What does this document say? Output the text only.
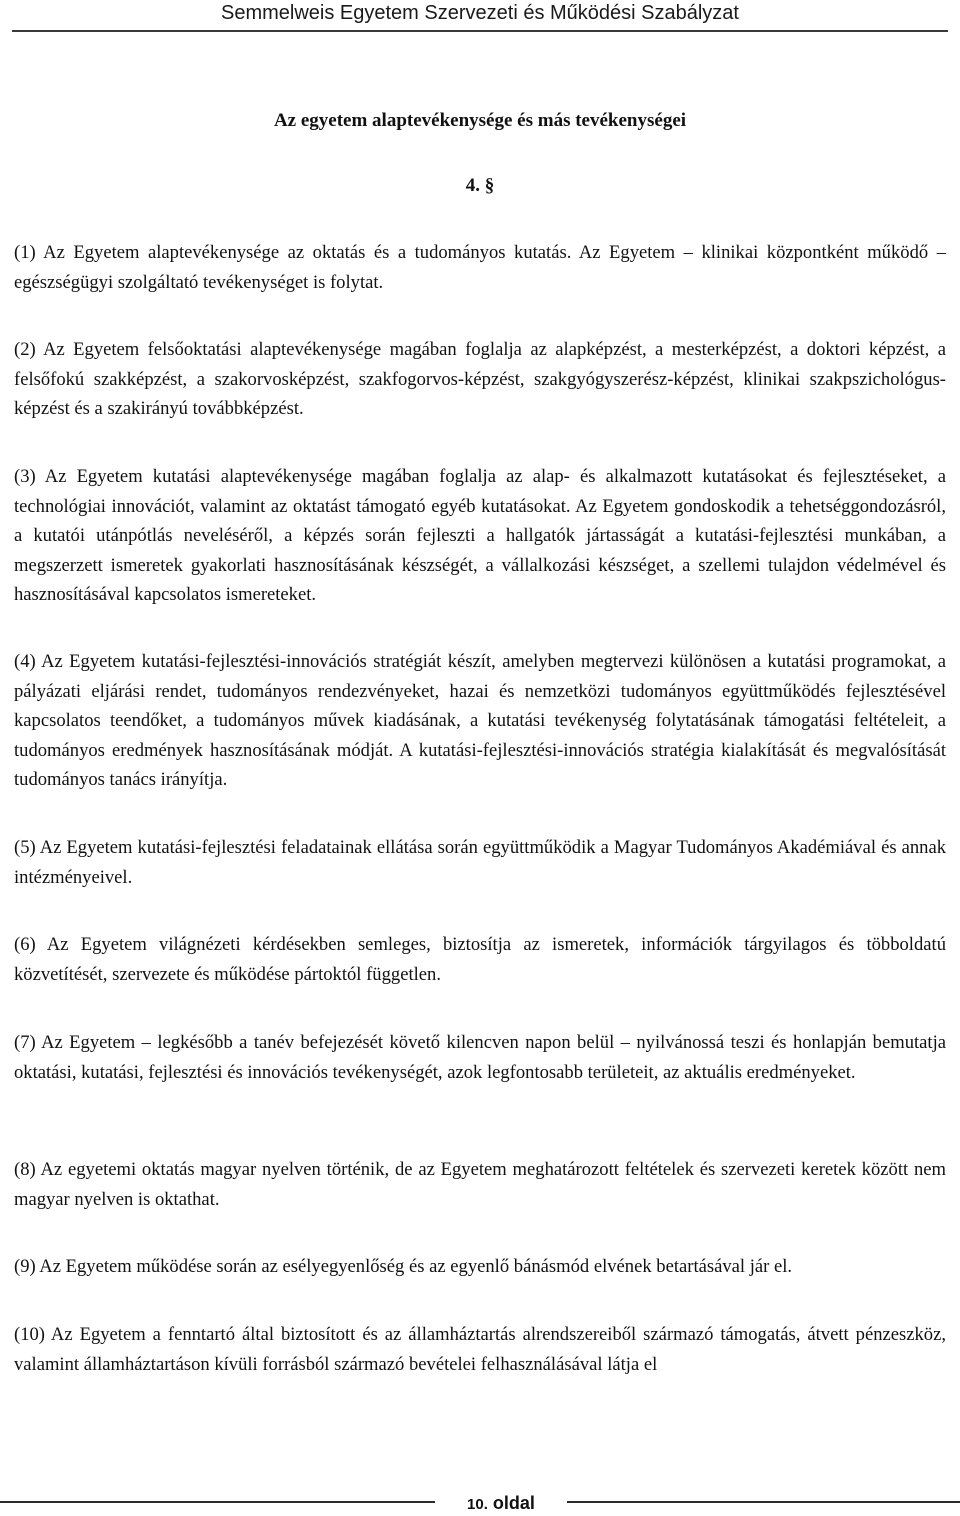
Semmelweis Egyetem Szervezeti és Működési Szabályzat
Az egyetem alaptevékenysége és más tevékenységei
4. §

(1) Az Egyetem alaptevékenysége az oktatás és a tudományos kutatás. Az Egyetem – klinikai központként működő – egészségügyi szolgáltató tevékenységet is folytat.

(2) Az Egyetem felsőoktatási alaptevékenysége magában foglalja az alapképzést, a mesterképzést, a doktori képzést, a felsőfokú szakképzést, a szakorvosképzést, szakfogorvos-képzést, szakgyógyszerész-képzést, klinikai szakpszichológus-képzést és a szakirányú továbbképzést.

(3) Az Egyetem kutatási alaptevékenysége magában foglalja az alap- és alkalmazott kutatásokat és fejlesztéseket, a technológiai innovációt, valamint az oktatást támogató egyéb kutatásokat. Az Egyetem gondoskodik a tehetséggondozásról, a kutatói utánpótlás neveléséről, a képzés során fejleszti a hallgatók jártasságát a kutatási-fejlesztési munkában, a megszerzett ismeretek gyakorlati hasznosításának készségét, a vállalkozási készséget, a szellemi tulajdon védelmével és hasznosításával kapcsolatos ismereteket.

(4) Az Egyetem kutatási-fejlesztési-innovációs stratégiát készít, amelyben megtervezi különösen a kutatási programokat, a pályázati eljárási rendet, tudományos rendezvényeket, hazai és nemzetközi tudományos együttműködés fejlesztésével kapcsolatos teendőket, a tudományos művek kiadásának, a kutatási tevékenység folytatásának támogatási feltételeit, a tudományos eredmények hasznosításának módját. A kutatási-fejlesztési-innovációs stratégia kialakítását és megvalósítását tudományos tanács irányítja.

(5) Az Egyetem kutatási-fejlesztési feladatainak ellátása során együttműködik a Magyar Tudományos Akadémiával és annak intézményeivel.

(6) Az Egyetem világnézeti kérdésekben semleges, biztosítja az ismeretek, információk tárgyilagos és többoldatú közvetítését, szervezete és működése pártoktól független.

(7) Az Egyetem – legkésőbb a tanév befejezését követő kilencven napon belül – nyilvánossá teszi és honlapján bemutatja oktatási, kutatási, fejlesztési és innovációs tevékenységét, azok legfontosabb területeit, az aktuális eredményeket.

(8) Az egyetemi oktatás magyar nyelven történik, de az Egyetem meghatározott feltételek és szervezeti keretek között nem magyar nyelven is oktathat.

(9) Az Egyetem működése során az esélyegyenlőség és az egyenlő bánásmód elvének betartásával jár el.

(10) Az Egyetem a fenntartó által biztosított és az államháztartás alrendszereiből származó támogatás, átvett pénzeszköz, valamint államháztartáson kívüli forrásból származó bevételei felhasználásával látja el

10. oldal
